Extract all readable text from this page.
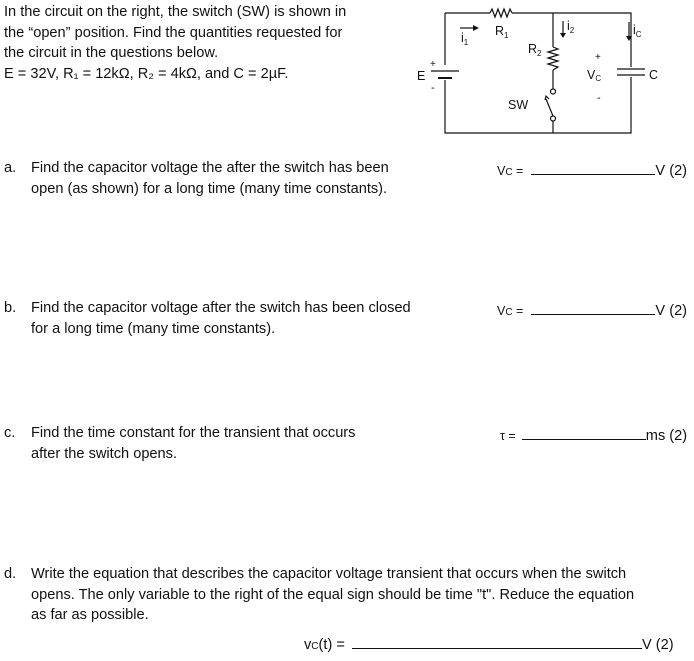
In the circuit on the right, the switch (SW) is shown in
the “open” position. Find the quantities requested for
the circuit in the questions below.
E = 32V, R₁ = 12kΩ, R₂ = 4kΩ, and C = 2µF.
$R_1$
$i_1$	$R_2$
$i_2$	$i_C$
E
+
-
SW
VC
+
-
C
a. Find the capacitor voltage the after the switch has been
open (as shown) for a long time (many time constants).
VC =	V (2)
b. Find the capacitor voltage after the switch has been closed
for a long time (many time constants).
VC =	V (2)
c. Find the time constant for the transient that occurs
after the switch opens.
τ =	ms (2)
d. Write the equation that describes the capacitor voltage transient that occurs when the switch
opens. The only variable to the right of the equal sign should be time "t". Reduce the equation
as far as possible.
vC(t) =	V (2)
